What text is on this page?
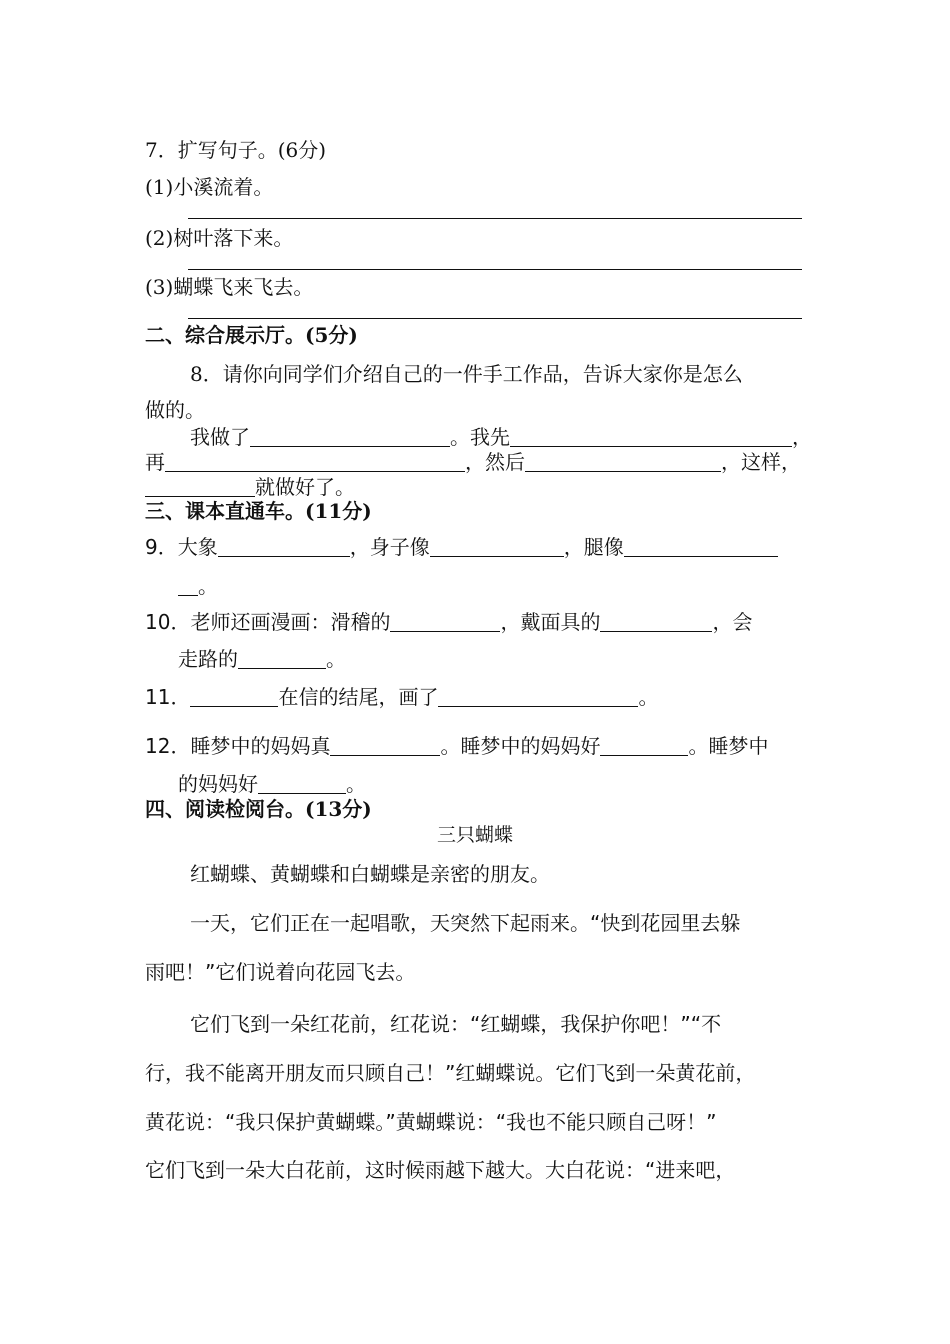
7．扩写句子。(6分)
(1)小溪流着。
(2)树叶落下来。
(3)蝴蝶飞来飞去。
二、综合展示厅。(5分)
8．请你向同学们介绍自己的一件手工作品，告诉大家你是怎么
做的。
我做了	。我先	，
再	，然后	，这样，
就做好了。
三、课本直通车。(11分)
9．大象	，身子像	，腿像
。
10．老师还画漫画：滑稽的	，戴面具的	，会
走路的	。
11．	在信的结尾，画了	。
12．睡梦中的妈妈真	。睡梦中的妈妈好	。睡梦中
的妈妈好	。
四、阅读检阅台。(13分)
三只蝴蝶
红蝴蝶、黄蝴蝶和白蝴蝶是亲密的朋友。
一天，它们正在一起唱歌，天突然下起雨来。“快到花园里去躲
雨吧！”它们说着向花园飞去。
它们飞到一朵红花前，红花说：“红蝴蝶，我保护你吧！”“不
行，我不能离开朋友而只顾自己！”红蝴蝶说。它们飞到一朵黄花前，
黄花说：“我只保护黄蝴蝶。”黄蝴蝶说：“我也不能只顾自己呀！”
它们飞到一朵大白花前，这时候雨越下越大。大白花说：“进来吧，
